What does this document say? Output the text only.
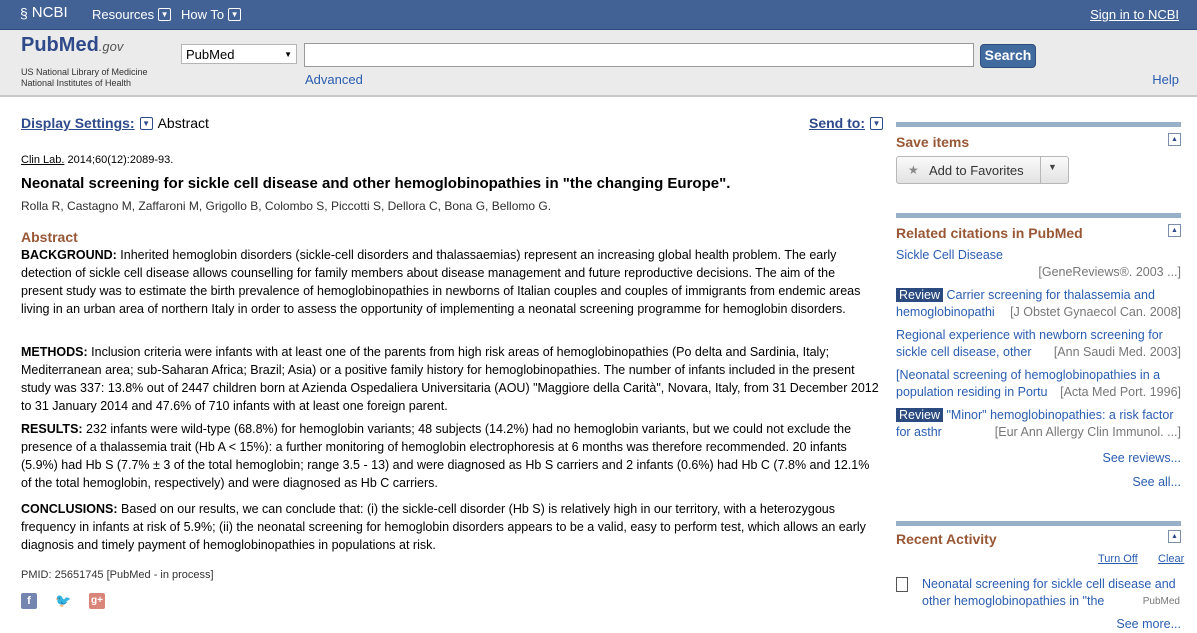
§ NCBI Resources ▼ How To ▼	Sign in to NCBI
PubMed.gov
US National Library of Medicine
National Institutes of Health
PubMed	▼	Search
Advanced	Help
Display Settings: ▼ Abstract	Send to: ▼
Clin Lab. 2014;60(12):2089-93.
Neonatal screening for sickle cell disease and other hemoglobinopathies in "the changing Europe".
Rolla R, Castagno M, Zaffaroni M, Grigollo B, Colombo S, Piccotti S, Dellora C, Bona G, Bellomo G.
Abstract
BACKGROUND: Inherited hemoglobin disorders (sickle-cell disorders and thalassaemias) represent an increasing global health problem. The early detection of sickle cell disease allows counselling for family members about disease management and future reproductive decisions. The aim of the present study was to estimate the birth prevalence of hemoglobinopathies in newborns of Italian couples and couples of immigrants from endemic areas living in an urban area of northern Italy in order to assess the opportunity of implementing a neonatal screening programme for hemoglobin disorders.
METHODS: Inclusion criteria were infants with at least one of the parents from high risk areas of hemoglobinopathies (Po delta and Sardinia, Italy; Mediterranean area; sub-Saharan Africa; Brazil; Asia) or a positive family history for hemoglobinopathies. The number of infants included in the present study was 337: 13.8% out of 2447 children born at Azienda Ospedaliera Universitaria (AOU) "Maggiore della Carità", Novara, Italy, from 31 December 2012 to 31 January 2014 and 47.6% of 710 infants with at least one foreign parent.
RESULTS: 232 infants were wild-type (68.8%) for hemoglobin variants; 48 subjects (14.2%) had no hemoglobin variants, but we could not exclude the presence of a thalassemia trait (Hb A < 15%): a further monitoring of hemoglobin electrophoresis at 6 months was therefore recommended. 20 infants (5.9%) had Hb S (7.7% ± 3 of the total hemoglobin; range 3.5 - 13) and were diagnosed as Hb S carriers and 2 infants (0.6%) had Hb C (7.8% and 12.1% of the total hemoglobin, respectively) and were diagnosed as Hb C carriers.
CONCLUSIONS: Based on our results, we can conclude that: (i) the sickle-cell disorder (Hb S) is relatively high in our territory, with a heterozygous frequency in infants at risk of 5.9%; (ii) the neonatal screening for hemoglobin disorders appears to be a valid, easy to perform test, which allows an early diagnosis and timely payment of hemoglobinopathies in populations at risk.
PMID: 25651745 [PubMed - in process]
f	🐦 g+
Save items	▲
★ Add to Favorites	▼
Related citations in PubMed	▲
Sickle Cell Disease
[GeneReviews®. 2003 ...]
Review Carrier screening for thalassemia and hemoglobinopathi [J Obstet Gynaecol Can. 2008]
Regional experience with newborn screening for sickle cell disease, other [Ann Saudi Med. 2003]
[Neonatal screening of hemoglobinopathies in a population residing in Portu [Acta Med Port. 1996]
Review "Minor" hemoglobinopathies: a risk factor for asthr	[Eur Ann Allergy Clin Immunol. ...]
See reviews...
See all...
Recent Activity	▲
Turn Off Clear
Neonatal screening for sickle cell disease and other hemoglobinopathies in "the	PubMed
See more...
